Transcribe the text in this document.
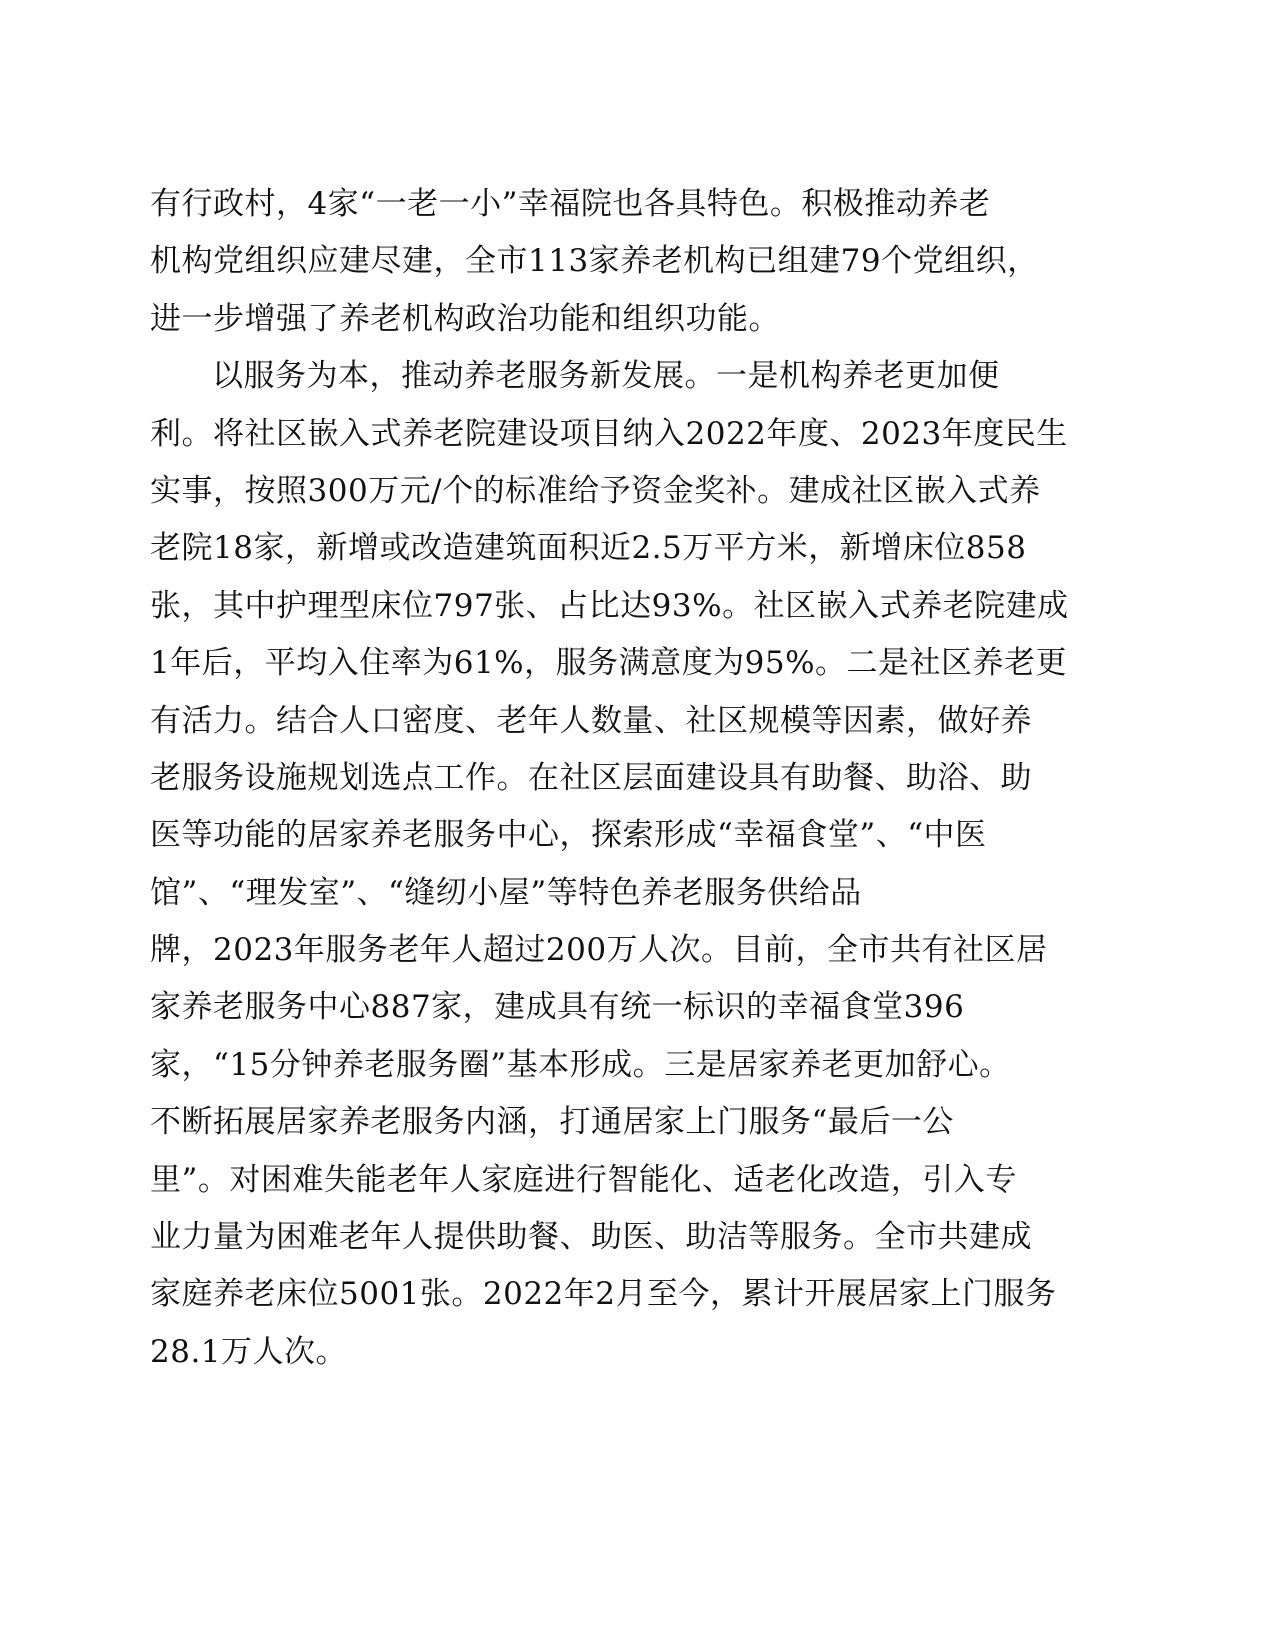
有行政村，4家“一老一小”幸福院也各具特色。积极推动养老
机构党组织应建尽建，全市113家养老机构已组建79个党组织，
进一步增强了养老机构政治功能和组织功能。
以服务为本，推动养老服务新发展。一是机构养老更加便
利。将社区嵌入式养老院建设项目纳入2022年度、2023年度民生
实事，按照300万元/个的标准给予资金奖补。建成社区嵌入式养
老院18家，新增或改造建筑面积近2.5万平方米，新增床位858
张，其中护理型床位797张、占比达93%。社区嵌入式养老院建成
1年后，平均入住率为61%，服务满意度为95%。二是社区养老更
有活力。结合人口密度、老年人数量、社区规模等因素，做好养
老服务设施规划选点工作。在社区层面建设具有助餐、助浴、助
医等功能的居家养老服务中心，探索形成“幸福食堂”、“中医
馆”、“理发室”、“缝纫小屋”等特色养老服务供给品
牌，2023年服务老年人超过200万人次。目前，全市共有社区居
家养老服务中心887家，建成具有统一标识的幸福食堂396
家，“15分钟养老服务圈”基本形成。三是居家养老更加舒心。
不断拓展居家养老服务内涵，打通居家上门服务“最后一公
里”。对困难失能老年人家庭进行智能化、适老化改造，引入专
业力量为困难老年人提供助餐、助医、助洁等服务。全市共建成
家庭养老床位5001张。2022年2月至今，累计开展居家上门服务
28.1万人次。
